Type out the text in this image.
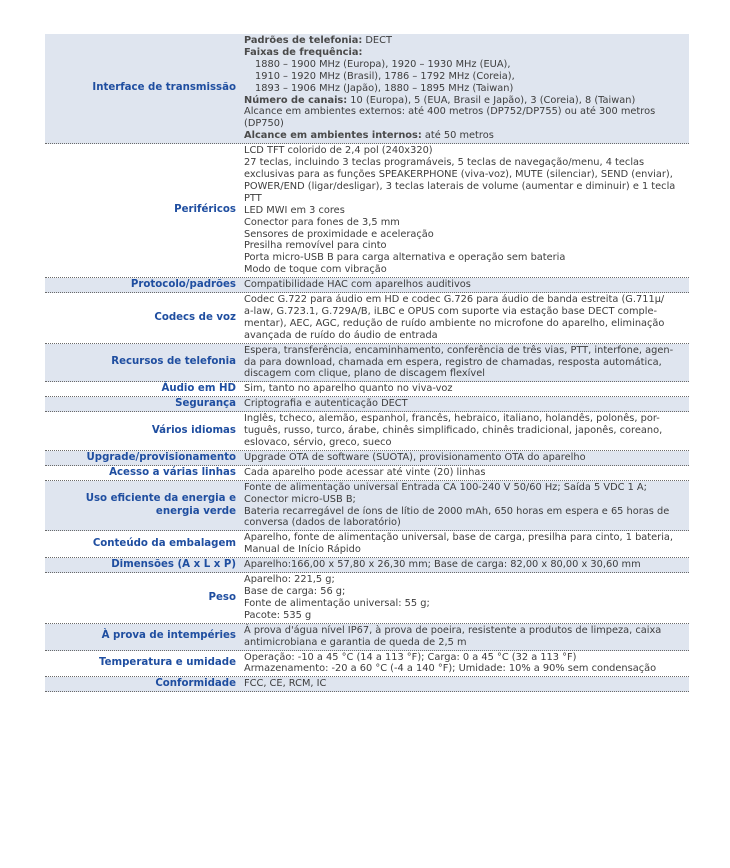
Interface de transmissão
Padrões de telefonia: DECT
Faixas de frequência:
1880 – 1900 MHz (Europa), 1920 – 1930 MHz (EUA),
1910 – 1920 MHz (Brasil), 1786 – 1792 MHz (Coreia),
1893 – 1906 MHz (Japão), 1880 – 1895 MHz (Taiwan)
Número de canais: 10 (Europa), 5 (EUA, Brasil e Japão), 3 (Coreia), 8 (Taiwan)
Alcance em ambientes externos: até 400 metros (DP752/DP755) ou até 300 metros
(DP750)
Alcance em ambientes internos: até 50 metros
Periféricos
LCD TFT colorido de 2,4 pol (240x320)
27 teclas, incluindo 3 teclas programáveis, 5 teclas de navegação/menu, 4 teclas
exclusivas para as funções SPEAKERPHONE (viva-voz), MUTE (silenciar), SEND (enviar),
POWER/END (ligar/desligar), 3 teclas laterais de volume (aumentar e diminuir) e 1 tecla
PTT
LED MWI em 3 cores
Conector para fones de 3,5 mm
Sensores de proximidade e aceleração
Presilha removível para cinto
Porta micro-USB B para carga alternativa e operação sem bateria
Modo de toque com vibração
Protocolo/padrões Compatibilidade HAC com aparelhos auditivos
Codecs de voz
Codec G.722 para áudio em HD e codec G.726 para áudio de banda estreita (G.711μ/
a-law, G.723.1, G.729A/B, iLBC e OPUS com suporte via estação base DECT comple-
mentar), AEC, AGC, redução de ruído ambiente no microfone do aparelho, eliminação
avançada de ruído do áudio de entrada
Recursos de telefonia
Espera, transferência, encaminhamento, conferência de três vias, PTT, interfone, agen-
da para download, chamada em espera, registro de chamadas, resposta automática,
discagem com clique, plano de discagem flexível
Áudio em HD Sim, tanto no aparelho quanto no viva-voz
Segurança Criptografia e autenticação DECT
Vários idiomas
Inglês, tcheco, alemão, espanhol, francês, hebraico, italiano, holandês, polonês, por-
tuguês, russo, turco, árabe, chinês simplificado, chinês tradicional, japonês, coreano,
eslovaco, sérvio, greco, sueco
Upgrade/provisionamento Upgrade OTA de software (SUOTA), provisionamento OTA do aparelho
Acesso a várias linhas Cada aparelho pode acessar até vinte (20) linhas
Uso eficiente da energia e energia verde
Fonte de alimentação universal Entrada CA 100-240 V 50/60 Hz; Saída 5 VDC 1 A;
Conector micro-USB B;
Bateria recarregável de íons de lítio de 2000 mAh, 650 horas em espera e 65 horas de
conversa (dados de laboratório)
Conteúdo da embalagem
Aparelho, fonte de alimentação universal, base de carga, presilha para cinto, 1 bateria,
Manual de Início Rápido
Dimensões (A x L x P) Aparelho:166,00 x 57,80 x 26,30 mm; Base de carga: 82,00 x 80,00 x 30,60 mm
Peso
Aparelho: 221,5 g;
Base de carga: 56 g;
Fonte de alimentação universal: 55 g;
Pacote: 535 g
À prova de intempéries
À prova d'água nível IP67, à prova de poeira, resistente a produtos de limpeza, caixa
antimicrobiana e garantia de queda de 2,5 m
Temperatura e umidade
Operação: -10 a 45 °C (14 a 113 °F); Carga: 0 a 45 °C (32 a 113 °F)
Armazenamento: -20 a 60 °C (-4 a 140 °F); Umidade: 10% a 90% sem condensação
Conformidade FCC, CE, RCM, IC
